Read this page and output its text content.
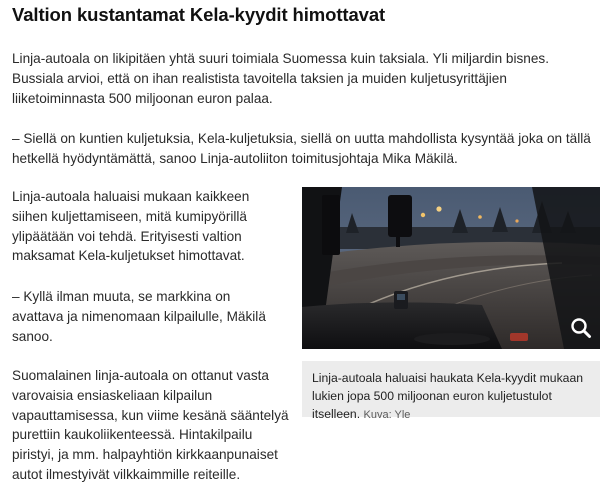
Valtion kustantamat Kela-kyydit himottavat

Linja-autoala on likipitäen yhtä suuri toimiala Suomessa kuin taksiala. Yli miljardin bisnes. Bussiala arvioi, että on ihan realistista tavoitella taksien ja muiden kuljetusyrittäjien liiketoiminnasta 500 miljoonan euron palaa.

– Siellä on kuntien kuljetuksia, Kela-kuljetuksia, siellä on uutta mahdollista kysyntää joka on tällä hetkellä hyödyntämättä, sanoo Linja-autoliiton toimitusjohtaja Mika Mäkilä.

Linja-autoala haluaisi mukaan kaikkeen siihen kuljettamiseen, mitä kumipyörillä ylipäätään voi tehdä. Erityisesti valtion maksamat Kela-kuljetukset himottavat.

– Kyllä ilman muuta, se markkina on avattava ja nimenomaan kilpailulle, Mäkilä sanoo.

Suomalainen linja-autoala on ottanut vasta varovaisia ensiaskeliaan kilpailun vapauttamisessa, kun viime kesänä sääntelyä purettiin kaukoliikenteessä. Hintakilpailu piristyi, ja mm. halpayhtiön kirkkaanpunaiset autot ilmestyivät vilkkaimmille reiteille.

Linja-autoala haluaisi haukata Kela-kyydit mukaan lukien jopa 500 miljoonan euron kuljetustulot itselleen. Kuva: Yle
